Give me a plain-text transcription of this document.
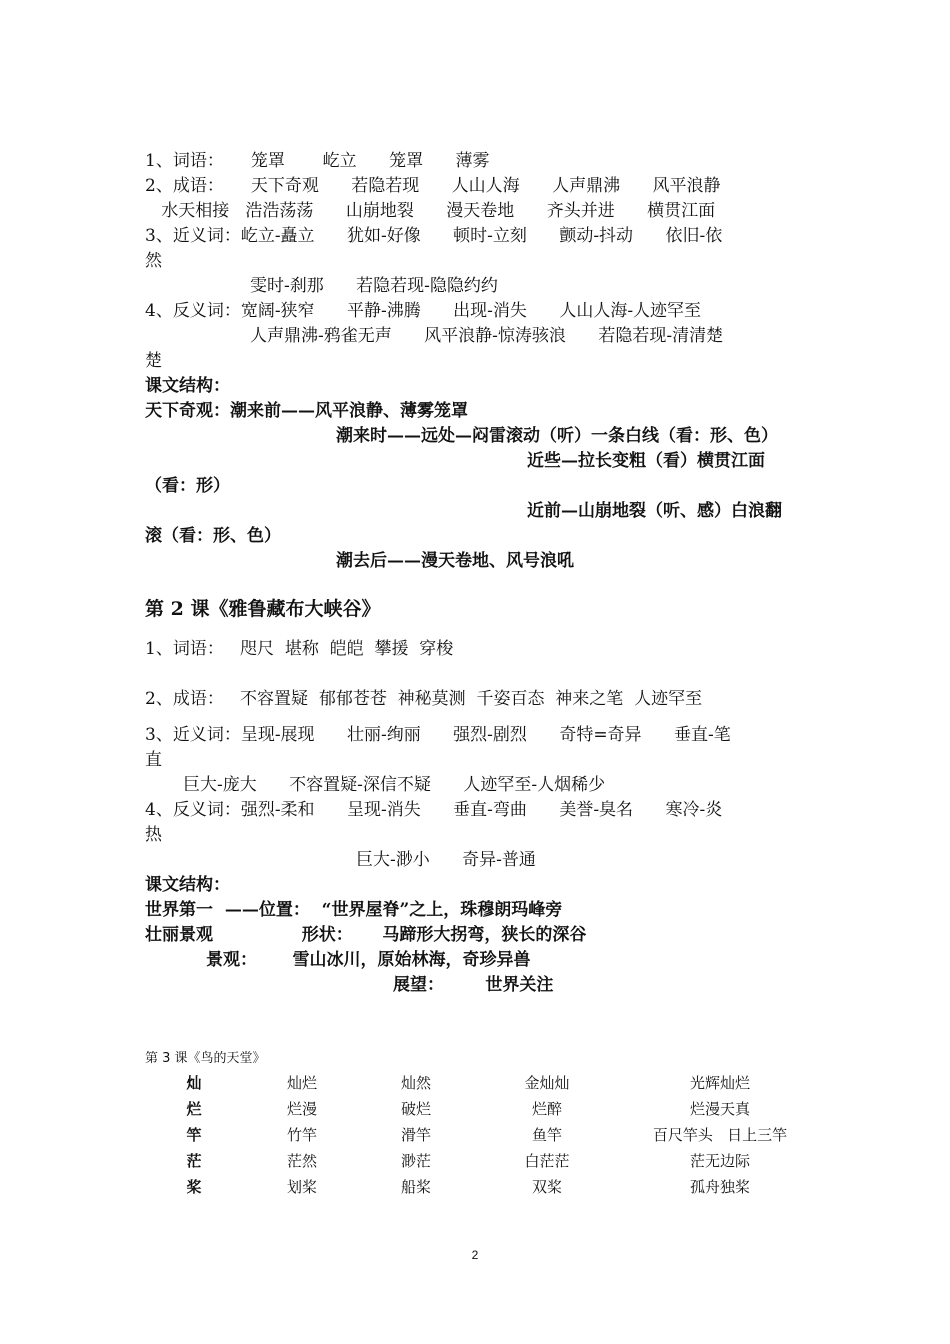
1、词语：     笼罩       屹立      笼罩      薄雾
2、成语：     天下奇观      若隐若现      人山人海      人声鼎沸      风平浪静
水天相接   浩浩荡荡      山崩地裂      漫天卷地      齐头并进      横贯江面
3、近义词：屹立-矗立      犹如-好像      顿时-立刻      颤动-抖动      依旧-依
然
雯时-刹那      若隐若现-隐隐约约
4、反义词：宽阔-狭窄      平静-沸腾      出现-消失      人山人海-人迹罕至
人声鼎沸-鸦雀无声      风平浪静-惊涛骇浪      若隐若现-清清楚
楚
课文结构：
天下奇观：潮来前——风平浪静、薄雾笼罩
潮来时——远处—闷雷滚动（听）一条白线（看：形、色）
近些—拉长变粗（看）横贯江面
（看：形）
近前—山崩地裂（听、感）白浪翻
滚（看：形、色）
潮去后——漫天卷地、风号浪吼
第 2 课《雅鲁藏布大峡谷》
1、词语：   咫尺  堪称  皑皑  攀援  穿梭
2、成语：   不容置疑  郁郁苍苍  神秘莫测  千姿百态  神来之笔  人迹罕至
3、近义词：呈现-展现      壮丽-绚丽      强烈-剧烈      奇特=奇异      垂直-笔
直
巨大-庞大      不容置疑-深信不疑      人迹罕至-人烟稀少
4、反义词：强烈-柔和      呈现-消失      垂直-弯曲      美誉-臭名      寒冷-炎
热
巨大-渺小      奇异-普通
课文结构：
世界第一  ——位置：  “世界屋脊”之上，珠穆朗玛峰旁
壮丽景观               形状：     马蹄形大拐弯，狭长的深谷
景观：      雪山冰川，原始林海，奇珍异兽
展望：       世界关注
第 3 课《鸟的天堂》
灿	灿烂	灿然	金灿灿	光辉灿烂
烂	烂漫	破烂	烂醉	烂漫天真
竿	竹竿	滑竿	鱼竿	百尺竿头   日上三竿
茫	茫然	渺茫	白茫茫	茫无边际
桨	划桨	船桨	双桨	孤舟独桨
2
